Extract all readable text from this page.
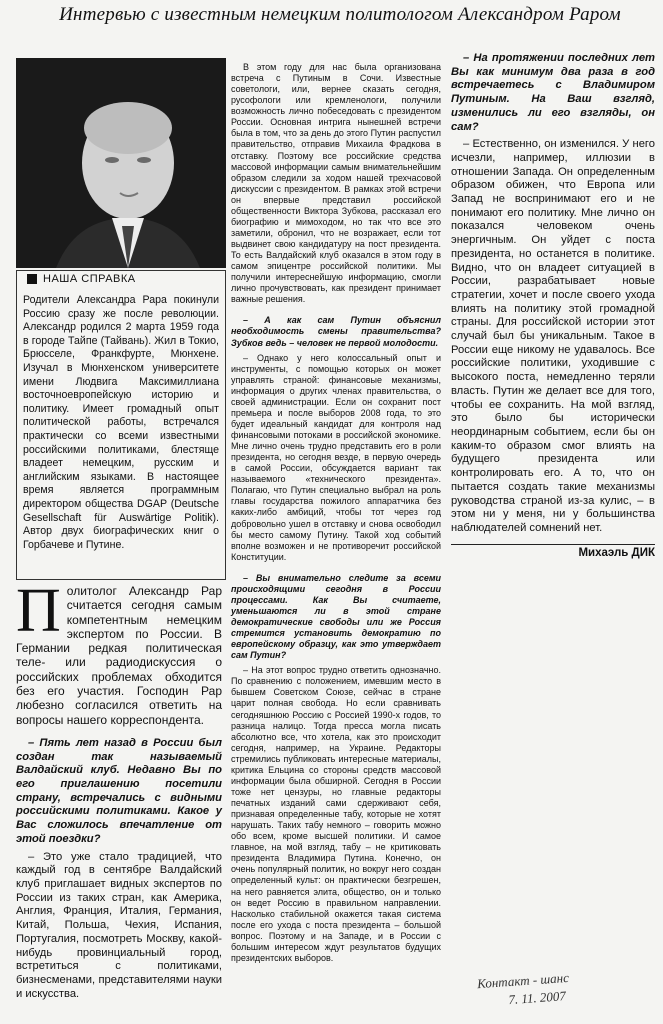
Интервью с известным немецким политологом Александром Раром
НАША СПРАВКА
Родители Александра Рара покинули Россию сразу же после революции. Александр родился 2 марта 1959 года в городе Тайпе (Тайвань). Жил в Токио, Брюсселе, Франкфурте, Мюнхене. Изучал в Мюнхенском университете имени Людвига Максимиллиана восточноевропейскую историю и политику. Имеет громадный опыт политической работы, встречался практически со всеми известными российскими политиками, блестяще владеет немецким, русским и английским языками. В настоящее время является программным директором общества DGAP (Deutsche Gesellschaft für Auswärtige Politik). Автор двух биографических книг о Горбачеве и Путине.

Политолог Александр Рар считается сегодня самым компетентным немецким экспертом по России. В Германии редкая политическая теле- или радиодискуссия о российских проблемах обходится без его участия. Господин Рар любезно согласился ответить на вопросы нашего корреспондента.

– Пять лет назад в России был создан так называемый Валдайский клуб. Недавно Вы по его приглашению посетили страну, встречались с видными российскими политиками. Какое у Вас сложилось впечатление от этой поездки?

– Это уже стало традицией, что каждый год в сентябре Валдайский клуб приглашает видных экспертов по России из таких стран, как Америка, Англия, Франция, Италия, Германия, Китай, Польша, Чехия, Испания, Португалия, посмотреть Москву, какой-нибудь провинциальный город, встретиться с политиками, бизнесменами, представителями науки и искусства.

В этом году для нас была организована встреча с Путиным в Сочи. Известные советологи, или, вернее сказать сегодня, русофологи или кремленологи, получили возможность лично побеседовать с президентом России. Основная интрига нынешней встречи была в том, что за день до этого Путин распустил правительство, отправив Михаила Фрадкова в отставку. Поэтому все российские средства массовой информации самым внимательнейшим образом следили за ходом нашей трехчасовой дискуссии с президентом. В рамках этой встречи он впервые представил российской общественности Виктора Зубкова, рассказал его биографию и мимоходом, но так что все это заметили, обронил, что не возражает, если тот выдвинет свою кандидатуру на пост президента. То есть Валдайский клуб оказался в этом году в самом эпицентре российской политики. Мы получили интереснейшую информацию, смогли лично прочувствовать, как президент принимает важные решения.

– А как сам Путин объяснил необходимость смены правительства? Зубков ведь – человек не первой молодости.

– Однако у него колоссальный опыт и инструменты, с помощью которых он может управлять страной: финансовые механизмы, информация о других членах правительства, о своей администрации. Если он сохранит пост премьера и после выборов 2008 года, то это будет идеальный кандидат для контроля над финансовыми потоками в российской экономике. Мне лично очень трудно представить его в роли президента, но сегодня везде, в первую очередь в самой России, обсуждается вариант так называемого «технического президента». Полагаю, что Путин специально выбрал на роль главы государства пожилого аппаратчика без каких-либо амбиций, чтобы тот через год добровольно ушел в отставку и снова освободил бы место самому Путину. Такой ход событий вполне возможен и не противоречит российской Конституции.

– Вы внимательно следите за всеми происходящими сегодня в России процессами. Как Вы считаете, уменьшаются ли в этой стране демократические свободы или же Россия стремится установить демократию по европейскому образцу, как это утверждает сам Путин?

– На этот вопрос трудно ответить однозначно. По сравнению с положением, имевшим место в бывшем Советском Союзе, сейчас в стране царит полная свобода. Но если сравнивать сегодняшнюю Россию с Россией 1990-х годов, то разница налицо. Тогда пресса могла писать абсолютно все, что хотела, как это происходит сегодня, например, на Украине. Редакторы стремились публиковать интересные материалы, критика Ельцина со стороны средств массовой информации была обширной. Сегодня в России тоже нет цензуры, но главные редакторы печатных изданий сами сдерживают себя, признавая определенные табу, которые не хотят нарушать. Таких табу немного – говорить можно обо всем, кроме высшей политики. И самое главное, на мой взгляд, табу – не критиковать президента Владимира Путина. Конечно, он очень популярный политик, но вокруг него создан определенный культ: он практически безгрешен, на него равняется элита, общество, он и только он ведет Россию в правильном направлении. Насколько стабильной окажется такая система после его ухода с поста президента – большой вопрос. Поэтому и на Западе, и в России с большим интересом ждут результатов будущих президентских выборов.

– На протяжении последних лет Вы как минимум два раза в год встречаетесь с Владимиром Путиным. На Ваш взгляд, изменились ли его взгляды, он сам?

– Естественно, он изменился. У него исчезли, например, иллюзии в отношении Запада. Он определенным образом обижен, что Европа или Запад не воспринимают его и не понимают его политику. Мне лично он показался человеком очень энергичным. Он уйдет с поста президента, но останется в политике. Видно, что он владеет ситуацией в России, разрабатывает новые стратегии, хочет и после своего ухода влиять на политику этой громадной страны. Для российской истории этот случай был бы уникальным. Такое в России еще никому не удавалось. Все российские политики, уходившие с высокого поста, немедленно теряли власть. Путин же делает все для того, чтобы ее сохранить. На мой взгляд, это было бы исторически неординарным событием, если бы он каким-то образом смог влиять на будущего президента или контролировать его. А то, что он пытается создать такие механизмы руководства страной из-за кулис, – в этом ни у меня, ни у большинства наблюдателей сомнений нет.

Михаэль ДИК
Контакт - шанс
7. 11. 2007
